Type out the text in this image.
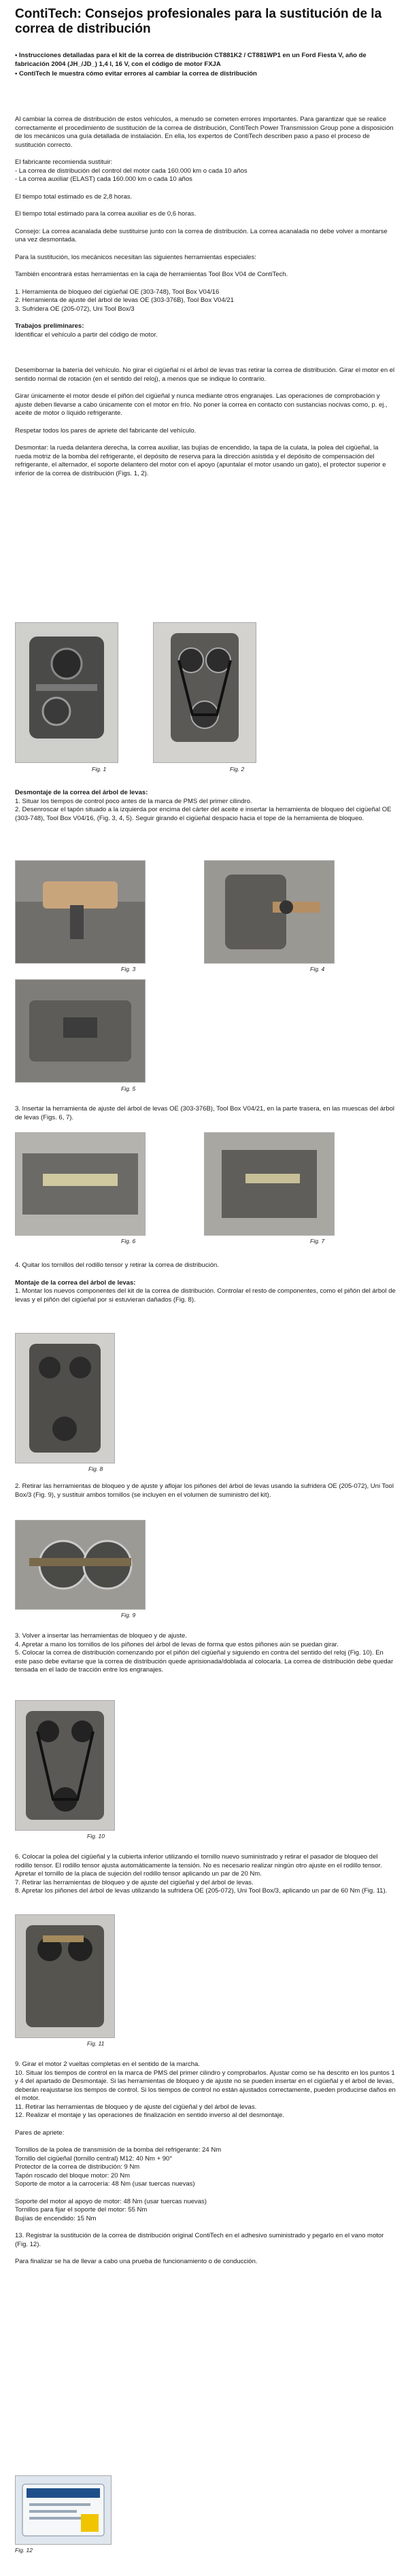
ContiTech: Consejos profesionales para la sustitución de la correa de distribución

• Instrucciones detalladas para el kit de la correa de distribución CT881K2 / CT881WP1 en un Ford Fiesta V, año de fabricación 2004 (JH_/JD_) 1,4 l, 16 V, con el código de motor FXJA

• ContiTech le muestra cómo evitar errores al cambiar la correa de distribución

Al cambiar la correa de distribución de estos vehículos, a menudo se cometen errores importantes. Para garantizar que se realice correctamente el procedimiento de sustitución de la correa de distribución, ContiTech Power Transmission Group pone a disposición de los mecánicos una guía detallada de instalación. En ella, los expertos de ContiTech describen paso a paso el proceso de sustitución correcto.

El fabricante recomienda sustituir:

- La correa de distribución del control del motor cada 160.000 km o cada 10 años

- La correa auxiliar (ELAST) cada 160.000 km o cada 10 años

El tiempo total estimado es de 2,8 horas.

El tiempo total estimado para la correa auxiliar es de 0,6 horas.

Consejo: La correa acanalada debe sustituirse junto con la correa de distribución. La correa acanalada no debe volver a montarse una vez desmontada.

Para la sustitución, los mecánicos necesitan las siguientes herramientas especiales:

También encontrará estas herramientas en la caja de herramientas Tool Box V04 de ContiTech.

1. Herramienta de bloqueo del cigüeñal OE (303-748), Tool Box V04/16

2. Herramienta de ajuste del árbol de levas OE (303-376B), Tool Box V04/21

3. Sufridera OE (205-072), Uni Tool Box/3

Trabajos preliminares:

Identificar el vehículo a partir del código de motor.

Desembornar la batería del vehículo. No girar el cigüeñal ni el árbol de levas tras retirar la correa de distribución. Girar el motor en el sentido normal de rotación (en el sentido del reloj), a menos que se indique lo contrario.

Girar únicamente el motor desde el piñón del cigüeñal y nunca mediante otros engranajes. Las operaciones de comprobación y ajuste deben llevarse a cabo únicamente con el motor en frío. No poner la correa en contacto con sustancias nocivas como, p. ej., aceite de motor o líquido refrigerante.

Respetar todos los pares de apriete del fabricante del vehículo.

Desmontar: la rueda delantera derecha, la correa auxiliar, las bujías de encendido, la tapa de la culata, la polea del cigüeñal, la rueda motriz de la bomba del refrigerante, el depósito de reserva para la dirección asistida y el depósito de compensación del refrigerante, el alternador, el soporte delantero del motor con el apoyo (apuntalar el motor usando un gato), el protector superior e inferior de la correa de distribución (Figs. 1, 2).

Fig. 1	Fig. 2

Desmontaje de la correa del árbol de levas:

1. Situar los tiempos de control poco antes de la marca de PMS del primer cilindro.

2. Desenroscar el tapón situado a la izquierda por encima del cárter del aceite e insertar la herramienta de bloqueo del cigüeñal OE (303-748), Tool Box V04/16, (Fig. 3, 4, 5). Seguir girando el cigüeñal despacio hacia el tope de la herramienta de bloqueo.

Fig. 3	Fig. 4
Fig. 5

3. Insertar la herramienta de ajuste del árbol de levas OE (303-376B), Tool Box V04/21, en la parte trasera, en las muescas del árbol de levas (Figs. 6, 7).

Fig. 6	Fig. 7

4. Quitar los tornillos del rodillo tensor y retirar la correa de distribución.

Montaje de la correa del árbol de levas:

1. Montar los nuevos componentes del kit de la correa de distribución. Controlar el resto de componentes, como el piñón del árbol de levas y el piñón del cigüeñal por si estuvieran dañados (Fig. 8).

Fig. 8

2. Retirar las herramientas de bloqueo y de ajuste y aflojar los piñones del árbol de levas usando la sufridera OE (205-072), Uni Tool Box/3 (Fig. 9), y sustituir ambos tornillos (se incluyen en el volumen de suministro del kit).

Fig. 9

3. Volver a insertar las herramientas de bloqueo y de ajuste.

4. Apretar a mano los tornillos de los piñones del árbol de levas de forma que estos piñones aún se puedan girar.

5. Colocar la correa de distribución comenzando por el piñón del cigüeñal y siguiendo en contra del sentido del reloj (Fig. 10). En este paso debe evitarse que la correa de distribución quede aprisionada/doblada al colocarla. La correa de distribución debe quedar tensada en el lado de tracción entre los engranajes.

Fig. 10

6. Colocar la polea del cigüeñal y la cubierta inferior utilizando el tornillo nuevo suministrado y retirar el pasador de bloqueo del rodillo tensor. El rodillo tensor ajusta automáticamente la tensión. No es necesario realizar ningún otro ajuste en el rodillo tensor.

Apretar el tornillo de la placa de sujeción del rodillo tensor aplicando un par de 20 Nm.

7. Retirar las herramientas de bloqueo y de ajuste del cigüeñal y del árbol de levas.

8. Apretar los piñones del árbol de levas utilizando la sufridera OE (205-072), Uni Tool Box/3, aplicando un par de 60 Nm (Fig. 11).

Fig. 11

9. Girar el motor 2 vueltas completas en el sentido de la marcha.

10. Situar los tiempos de control en la marca de PMS del primer cilindro y comprobarlos. Ajustar como se ha descrito en los puntos 1 y 4 del apartado de Desmontaje. Si las herramientas de bloqueo y de ajuste no se pueden insertar en el cigüeñal y el árbol de levas, deberán reajustarse los tiempos de control. Si los tiempos de control no están ajustados correctamente, pueden producirse daños en el motor.

11. Retirar las herramientas de bloqueo y de ajuste del cigüeñal y del árbol de levas.

12. Realizar el montaje y las operaciones de finalización en sentido inverso al del desmontaje.

Pares de apriete:

Tornillos de la polea de transmisión de la bomba del refrigerante: 24 Nm

Tornillo del cigüeñal (tornillo central) M12: 40 Nm + 90°

Protector de la correa de distribución: 9 Nm

Tapón roscado del bloque motor: 20 Nm

Soporte de motor a la carrocería: 48 Nm (usar tuercas nuevas)

Soporte del motor al apoyo de motor: 48 Nm (usar tuercas nuevas)

Tornillos para fijar el soporte del motor: 55 Nm

Bujías de encendido: 15 Nm

13. Registrar la sustitución de la correa de distribución original ContiTech en el adhesivo suministrado y pegarlo en el vano motor (Fig. 12).

Para finalizar se ha de llevar a cabo una prueba de funcionamiento o de conducción.

Fig. 12
